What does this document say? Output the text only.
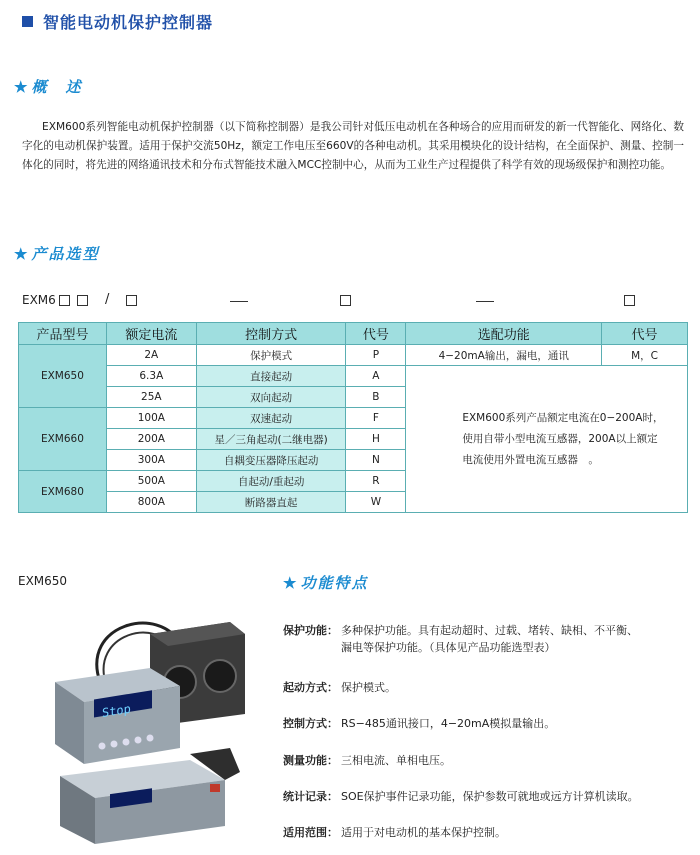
智能电动机保护控制器
★ 概　述
EXM600系列智能电动机保护控制器（以下简称控制器）是我公司针对低压电动机在各种场合的应用而研发的新一代智能化、网络化、数字化的电动机保护装置。适用于保护交流50Hz，额定工作电压至660V的各种电动机。其采用模块化的设计结构，在全面保护、测量、控制一体化的同时，将先进的网络通讯技术和分布式智能技术融入MCC控制中心，从而为工业生产过程提供了科学有效的现场级保护和测控功能。
★ 产品选型
EXM6	/
产品型号	额定电流	控制方式	代号	选配功能	代号
EXM650	2A	保护模式	P	4−20mA输出，漏电，通讯	M，C
	6.3A	直接起动	A	EXM600系列产品额定电流在0−200A时，
使用自带小型电流互感器，200A以上额定
电流使用外置电流互感器　。	

	25A	双向起动	B		
EXM660	100A	双速起动	F		
	200A	星／三角起动(二继电器)	H		
	300A	自耦变压器降压起动	N		
EXM680	500A	自起动/重起动	R		
	800A	断路器直起	W		
EXM650
Stop
★ 功能特点
保护功能： 多种保护功能。具有起动超时、过载、堵转、缺相、不平衡、
漏电等保护功能。（具体见产品功能选型表）
起动方式： 保护模式。
控制方式： RS−485通讯接口，4−20mA模拟量输出。
测量功能： 三相电流、单相电压。
统计记录： SOE保护事件记录功能，保护参数可就地或远方计算机读取。
适用范围： 适用于对电动机的基本保护控制。
